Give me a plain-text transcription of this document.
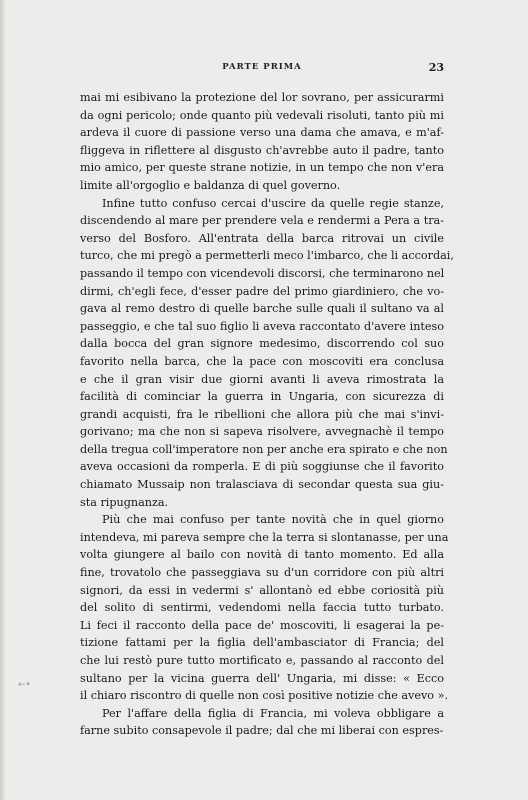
PARTE PRIMA	23
mai mi esibivano la protezione del lor sovrano, per assicurarmi
da ogni pericolo; onde quanto più vedevali risoluti, tanto più mi
ardeva il cuore di passione verso una dama che amava, e m'af-
fliggeva in riflettere al disgusto ch'avrebbe auto il padre, tanto
mio amico, per queste strane notizie, in un tempo che non v'era
limite all'orgoglio e baldanza di quel governo.
Infine tutto confuso cercai d'uscire da quelle regie stanze,
discendendo al mare per prendere vela e rendermi a Pera a tra-
verso del Bosforo. All'entrata della barca ritrovai un civile
turco, che mi pregò a permetterli meco l'imbarco, che li accordai,
passando il tempo con vicendevoli discorsi, che terminarono nel
dirmi, ch'egli fece, d'esser padre del primo giardiniero, che vo-
gava al remo destro di quelle barche sulle quali il sultano va al
passeggio, e che tal suo figlio li aveva raccontato d'avere inteso
dalla bocca del gran signore medesimo, discorrendo col suo
favorito nella barca, che la pace con moscoviti era conclusa
e che il gran visir due giorni avanti li aveva rimostrata la
facilità di cominciar la guerra in Ungaria, con sicurezza di
grandi acquisti, fra le ribellioni che allora più che mai s'invi-
gorivano; ma che non si sapeva risolvere, avvegnachè il tempo
della tregua coll'imperatore non per anche era spirato e che non
aveva occasioni da romperla. E di più soggiunse che il favorito
chiamato Mussaip non tralasciava di secondar questa sua giu-
sta ripugnanza.
Più che mai confuso per tante novità che in quel giorno
intendeva, mi pareva sempre che la terra si slontanasse, per una
volta giungere al bailo con novità di tanto momento. Ed alla
fine, trovatolo che passeggiava su d'un corridore con più altri
signori, da essi in vedermi s' allontanò ed ebbe coriosità più
del solito di sentirmi, vedendomi nella faccia tutto turbato.
Li feci il racconto della pace de' moscoviti, li esagerai la pe-
tizione fattami per la figlia dell'ambasciator di Francia; del
che lui restò pure tutto mortificato e, passando al racconto del
sultano per la vicina guerra dell' Ungaria, mi disse: « Ecco
il chiaro riscontro di quelle non così positive notizie che avevo ».
Per l'affare della figlia di Francia, mi voleva obbligare a
farne subito consapevole il padre; dal che mi liberai con espres-
←•
